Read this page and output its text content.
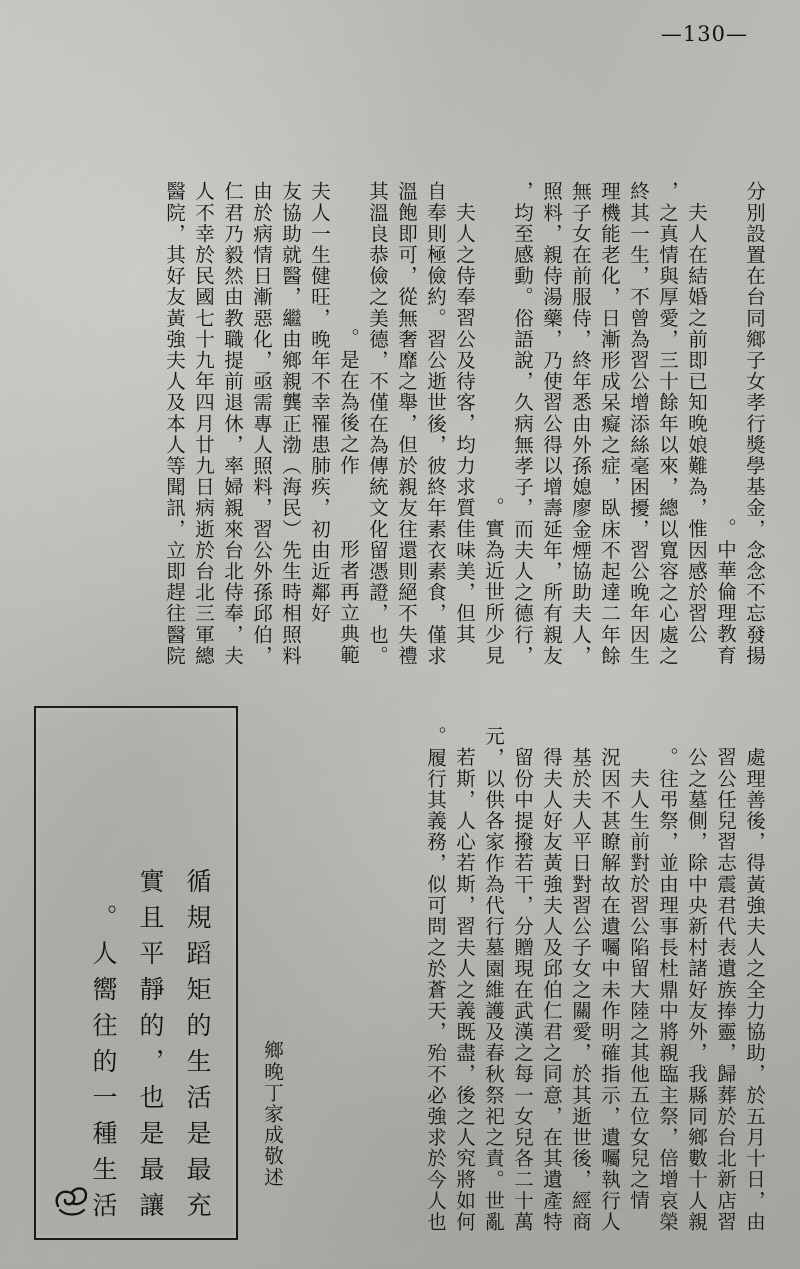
—130—
分別設置在台同鄉子女孝行獎學基金，念念不忘發揚
中華倫理教育。
　夫人在結婚之前即已知晚娘難為，惟因感於習公
之真情與厚愛，三十餘年以來，總以寬容之心處之，
終其一生，不曾為習公增添絲毫困擾，習公晚年因生
理機能老化，日漸形成呆癡之症，臥床不起達二年餘
，無子女在前服侍，終年悉由外孫媳廖金煙協助夫人
照料，親侍湯藥，乃使習公得以增壽延年，所有親友
，均至感動。俗語說，久病無孝子，而夫人之德行，
實為近世所少見。
　夫人之侍奉習公及待客，均力求質佳味美，但其
自奉則極儉約。習公逝世後，彼終年素衣素食，僅求
溫飽即可，從無奢靡之舉，但於親友往還則絕不失禮
。其溫良恭儉之美德，不僅在為傳統文化留憑證，也
是在為後之作　　　形者再立典範。
　　夫人一生健旺，晚年不幸罹患肺疾，初由近鄰好
友協助就醫，繼由鄉親龔正渤（海民）先生時相照料
，由於病情日漸惡化，亟需專人照料，習公外孫邱伯
仁君乃毅然由教職提前退休，率婦親來台北侍奉，夫
人不幸於民國七十九年四月廿九日病逝於台北三軍總
醫院，其好友黃強夫人及本人等聞訊，立即趕往醫院
處理善後，得黃強夫人之全力協助，於五月十日，由
習公任兒習志震君代表遺族捧靈，歸葬於台北新店習
公之墓側，除中央新村諸好友外，我縣同鄉數十人親
往弔祭，並由理事長杜鼎中將親臨主祭，倍增哀榮。
　夫人生前對於習公陷留大陸之其他五位女兒之情
況因不甚瞭解故在遺囑中未作明確指示，遺囑執行人
基於夫人平日對習公子女之關愛，於其逝世後，經商
得夫人好友黃強夫人及邱伯仁君之同意，在其遺產特
留份中提撥若干，分贈現在武漢之每一女兒各二十萬
元，以供各家作為代行墓園維護及春秋祭祀之責。世亂
若斯，人心若斯，習夫人之義既盡，後之人究將如何
履行其義務，似可問之於蒼天，殆不必強求於今人也。
鄉晚丁家成敬述
循規蹈矩的生活是最充
實且平靜的，也是最讓
人嚮往的一種生活。
